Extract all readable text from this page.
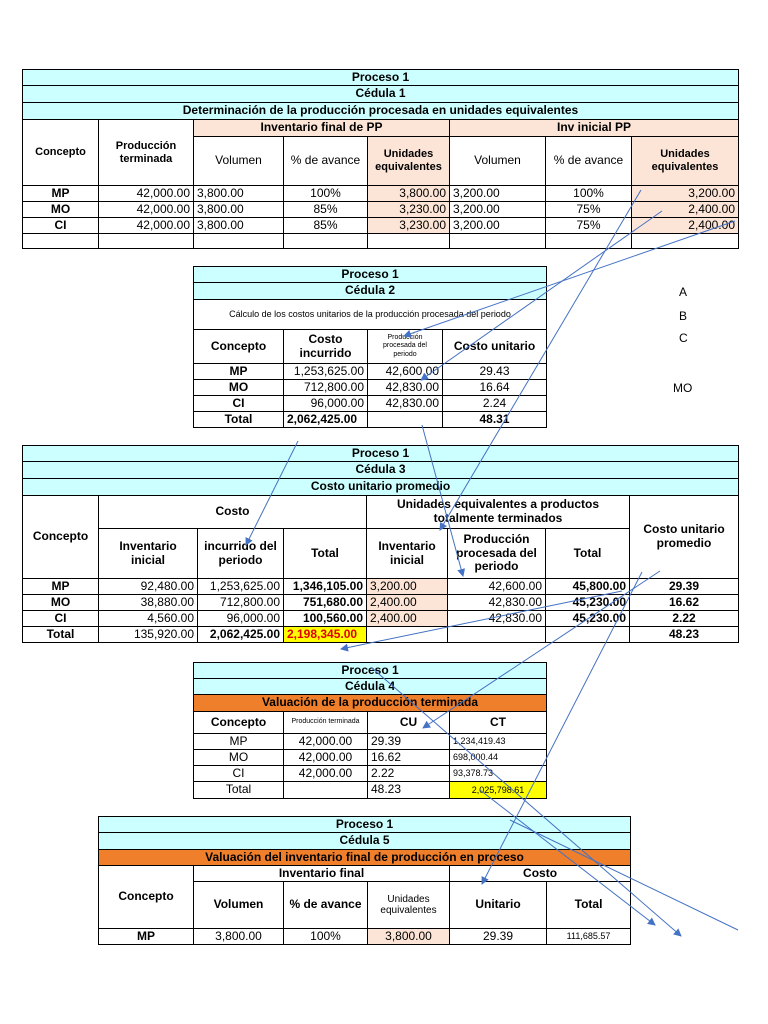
Proceso 1							
Cédula 1							
Determinación de la producción procesada en unidades equivalentes							
Concepto	Producción terminada	Inventario final de PP			Inv inicial PP		
		Volumen	% de avance	Unidades equivalentes	Volumen	% de avance	Unidades equivalentes
MP	42,000.00	3,800.00	100%	3,800.00	3,200.00	100%	3,200.00
MO	42,000.00	3,800.00	85%	3,230.00	3,200.00	75%	2,400.00
CI	42,000.00	3,800.00	85%	3,230.00	3,200.00	75%	2,400.00

Proceso 1			
Cédula 2			
Cálculo de los costos unitarios de la producción procesada del periodo			
Concepto	Costo incurrido	Producción procesada del periodo	Costo unitario
MP	1,253,625.00	42,600.00	29.43
MO	712,800.00	42,830.00	16.64
CI	96,000.00	42,830.00	2.24
Total	2,062,425.00		48.31
A
B
C
MO
Proceso 1							
Cédula 3							
Costo unitario promedio							
Concepto	Costo			Unidades equivalentes a productos totalmente terminados			Costo unitario promedio
	Inventario inicial	incurrido del periodo	Total	Inventario inicial	Producción procesada del periodo	Total	
MP	92,480.00	1,253,625.00	1,346,105.00	3,200.00	42,600.00	45,800.00	29.39
MO	38,880.00	712,800.00	751,680.00	2,400.00	42,830.00	45,230.00	16.62
CI	4,560.00	96,000.00	100,560.00	2,400.00	42,830.00	45,230.00	2.22
Total	135,920.00	2,062,425.00	2,198,345.00				48.23
Proceso 1			
Cédula 4			
Valuación de la producción terminada			
Concepto	Producción terminada	CU	CT
MP	42,000.00	29.39	1,234,419.43
MO	42,000.00	16.62	698,000.44
CI	42,000.00	2.22	93,378.73
Total		48.23	2,025,798.61
Proceso 1					
Cédula 5					
Valuación del inventario final de producción en proceso					
Concepto	Inventario final			Costo	
	Volumen	% de avance	Unidades equivalentes	Unitario	Total
MP	3,800.00	100%	3,800.00	29.39	111,685.57
